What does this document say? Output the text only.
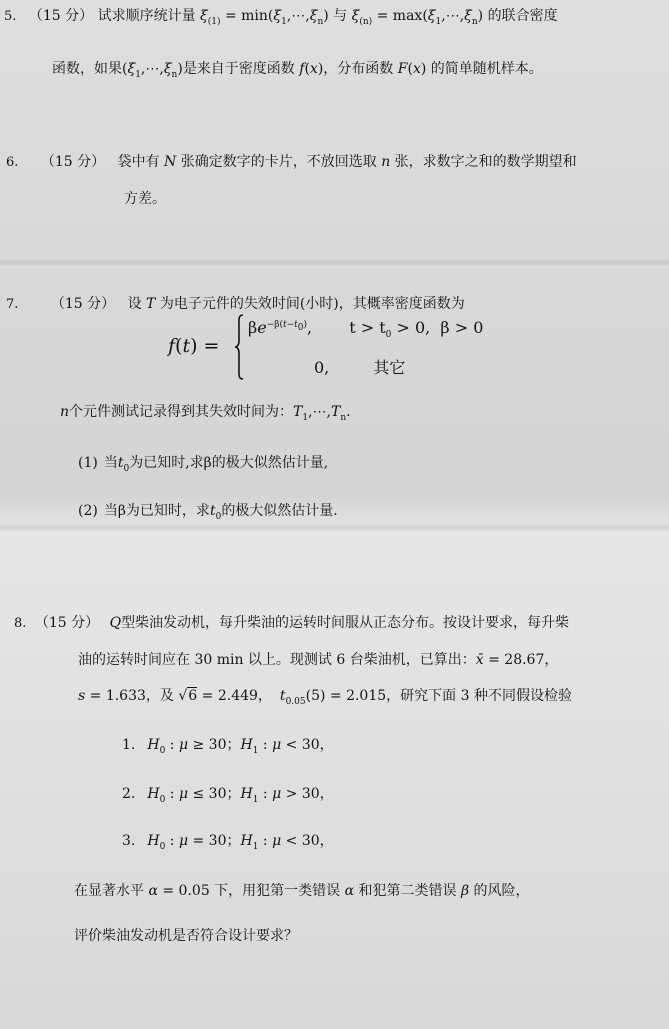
5. （15 分） 试求顺序统计量 $\xi_{(1)}$ = $\min(\xi_1,\cdots,\xi_n)$ 与 $\xi_{(n)}$ = $\max(\xi_1,\cdots,\xi_n)$ 的联合密度
函数，如果$(\xi_1,\cdots,\xi_n)$是来自于密度函数 f(x)，分布函数 F(x) 的简单随机样本。
6. （15 分） 袋中有 N 张确定数字的卡片，不放回选取 n 张，求数字之和的数学期望和
方差。
7. （15 分） 设 T 为电子元件的失效时间(小时)，其概率密度函数为
f(t) =
$\beta e^{-\beta(t-t_0)}$, $t > t_0 > 0$,  β > 0
0,	其它
n个元件测试记录得到其失效时间为：$T_1,\cdots,T_n$.
(1) 当$t_0$为已知时,求β的极大似然估计量,
(2) 当β为已知时，求$t_0$的极大似然估计量.
8. （15 分） Q型柴油发动机，每升柴油的运转时间服从正态分布。按设计要求，每升柴
油的运转时间应在 30 min 以上。现测试 6 台柴油机，已算出：x̄ = 28.67，
s = 1.633，及 √6 = 2.449， $t_{0.05}(5) = 2.015$，研究下面 3 种不同假设检验
1. $H_0$ : μ ≥ 30；$H_1$ : μ < 30，
2. $H_0$ : μ ≤ 30；$H_1$ : μ > 30，
3. $H_0$ : μ = 30；$H_1$ : μ < 30，
在显著水平 α = 0.05 下，用犯第一类错误 α 和犯第二类错误 β 的风险，
评价柴油发动机是否符合设计要求？
